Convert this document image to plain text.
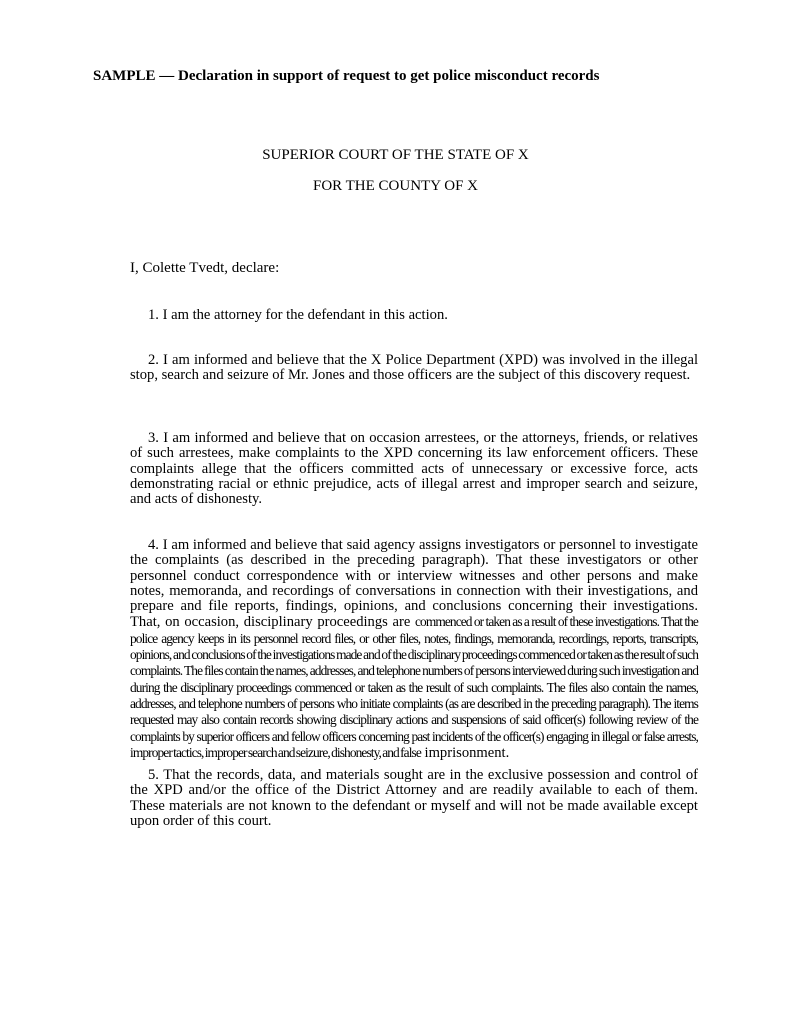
SAMPLE — Declaration in support of request to get police misconduct records
SUPERIOR COURT OF THE STATE OF X
FOR THE COUNTY OF X
I, Colette Tvedt, declare:

1. I am the attorney for the defendant in this action.

2. I am informed and believe that the X Police Department (XPD) was involved in the illegal stop, search and seizure of Mr. Jones and those officers are the subject of this discovery request.

3. I am informed and believe that on occasion arrestees, or the attorneys, friends, or relatives of such arrestees, make complaints to the XPD concerning its law enforcement officers. These complaints allege that the officers committed acts of unnecessary or excessive force, acts demonstrating racial or ethnic prejudice, acts of illegal arrest and improper search and seizure, and acts of dishonesty.

4. I am informed and believe that said agency assigns investigators or personnel to investigate the complaints (as described in the preceding paragraph). That these investigators or other personnel conduct correspondence with or interview witnesses and other persons and make notes, memoranda, and recordings of conversations in connection with their investigations, and prepare and file reports, findings, opinions, and conclusions concerning their investigations. That, on occasion, disciplinary proceedings are commenced or taken as a result of these investigations. That the police agency keeps in its personnel record files, or other files, notes, findings, memoranda, recordings, reports, transcripts, opinions, and conclusions of the investigations made and of the disciplinary proceedings commenced or taken as the result of such complaints. The files contain the names, addresses, and telephone numbers of persons interviewed during such investigation and during the disciplinary proceedings commenced or taken as the result of such complaints. The files also contain the names, addresses, and telephone numbers of persons who initiate complaints (as are described in the preceding paragraph). The items requested may also contain records showing disciplinary actions and suspensions of said officer(s) following review of the complaints by superior officers and fellow officers concerning past incidents of the officer(s) engaging in illegal or false arrests, improper tactics, improper search and seizure, dishonesty, and false imprisonment.

5. That the records, data, and materials sought are in the exclusive possession and control of the XPD and/or the office of the District Attorney and are readily available to each of them. These materials are not known to the defendant or myself and will not be made available except upon order of this court.
